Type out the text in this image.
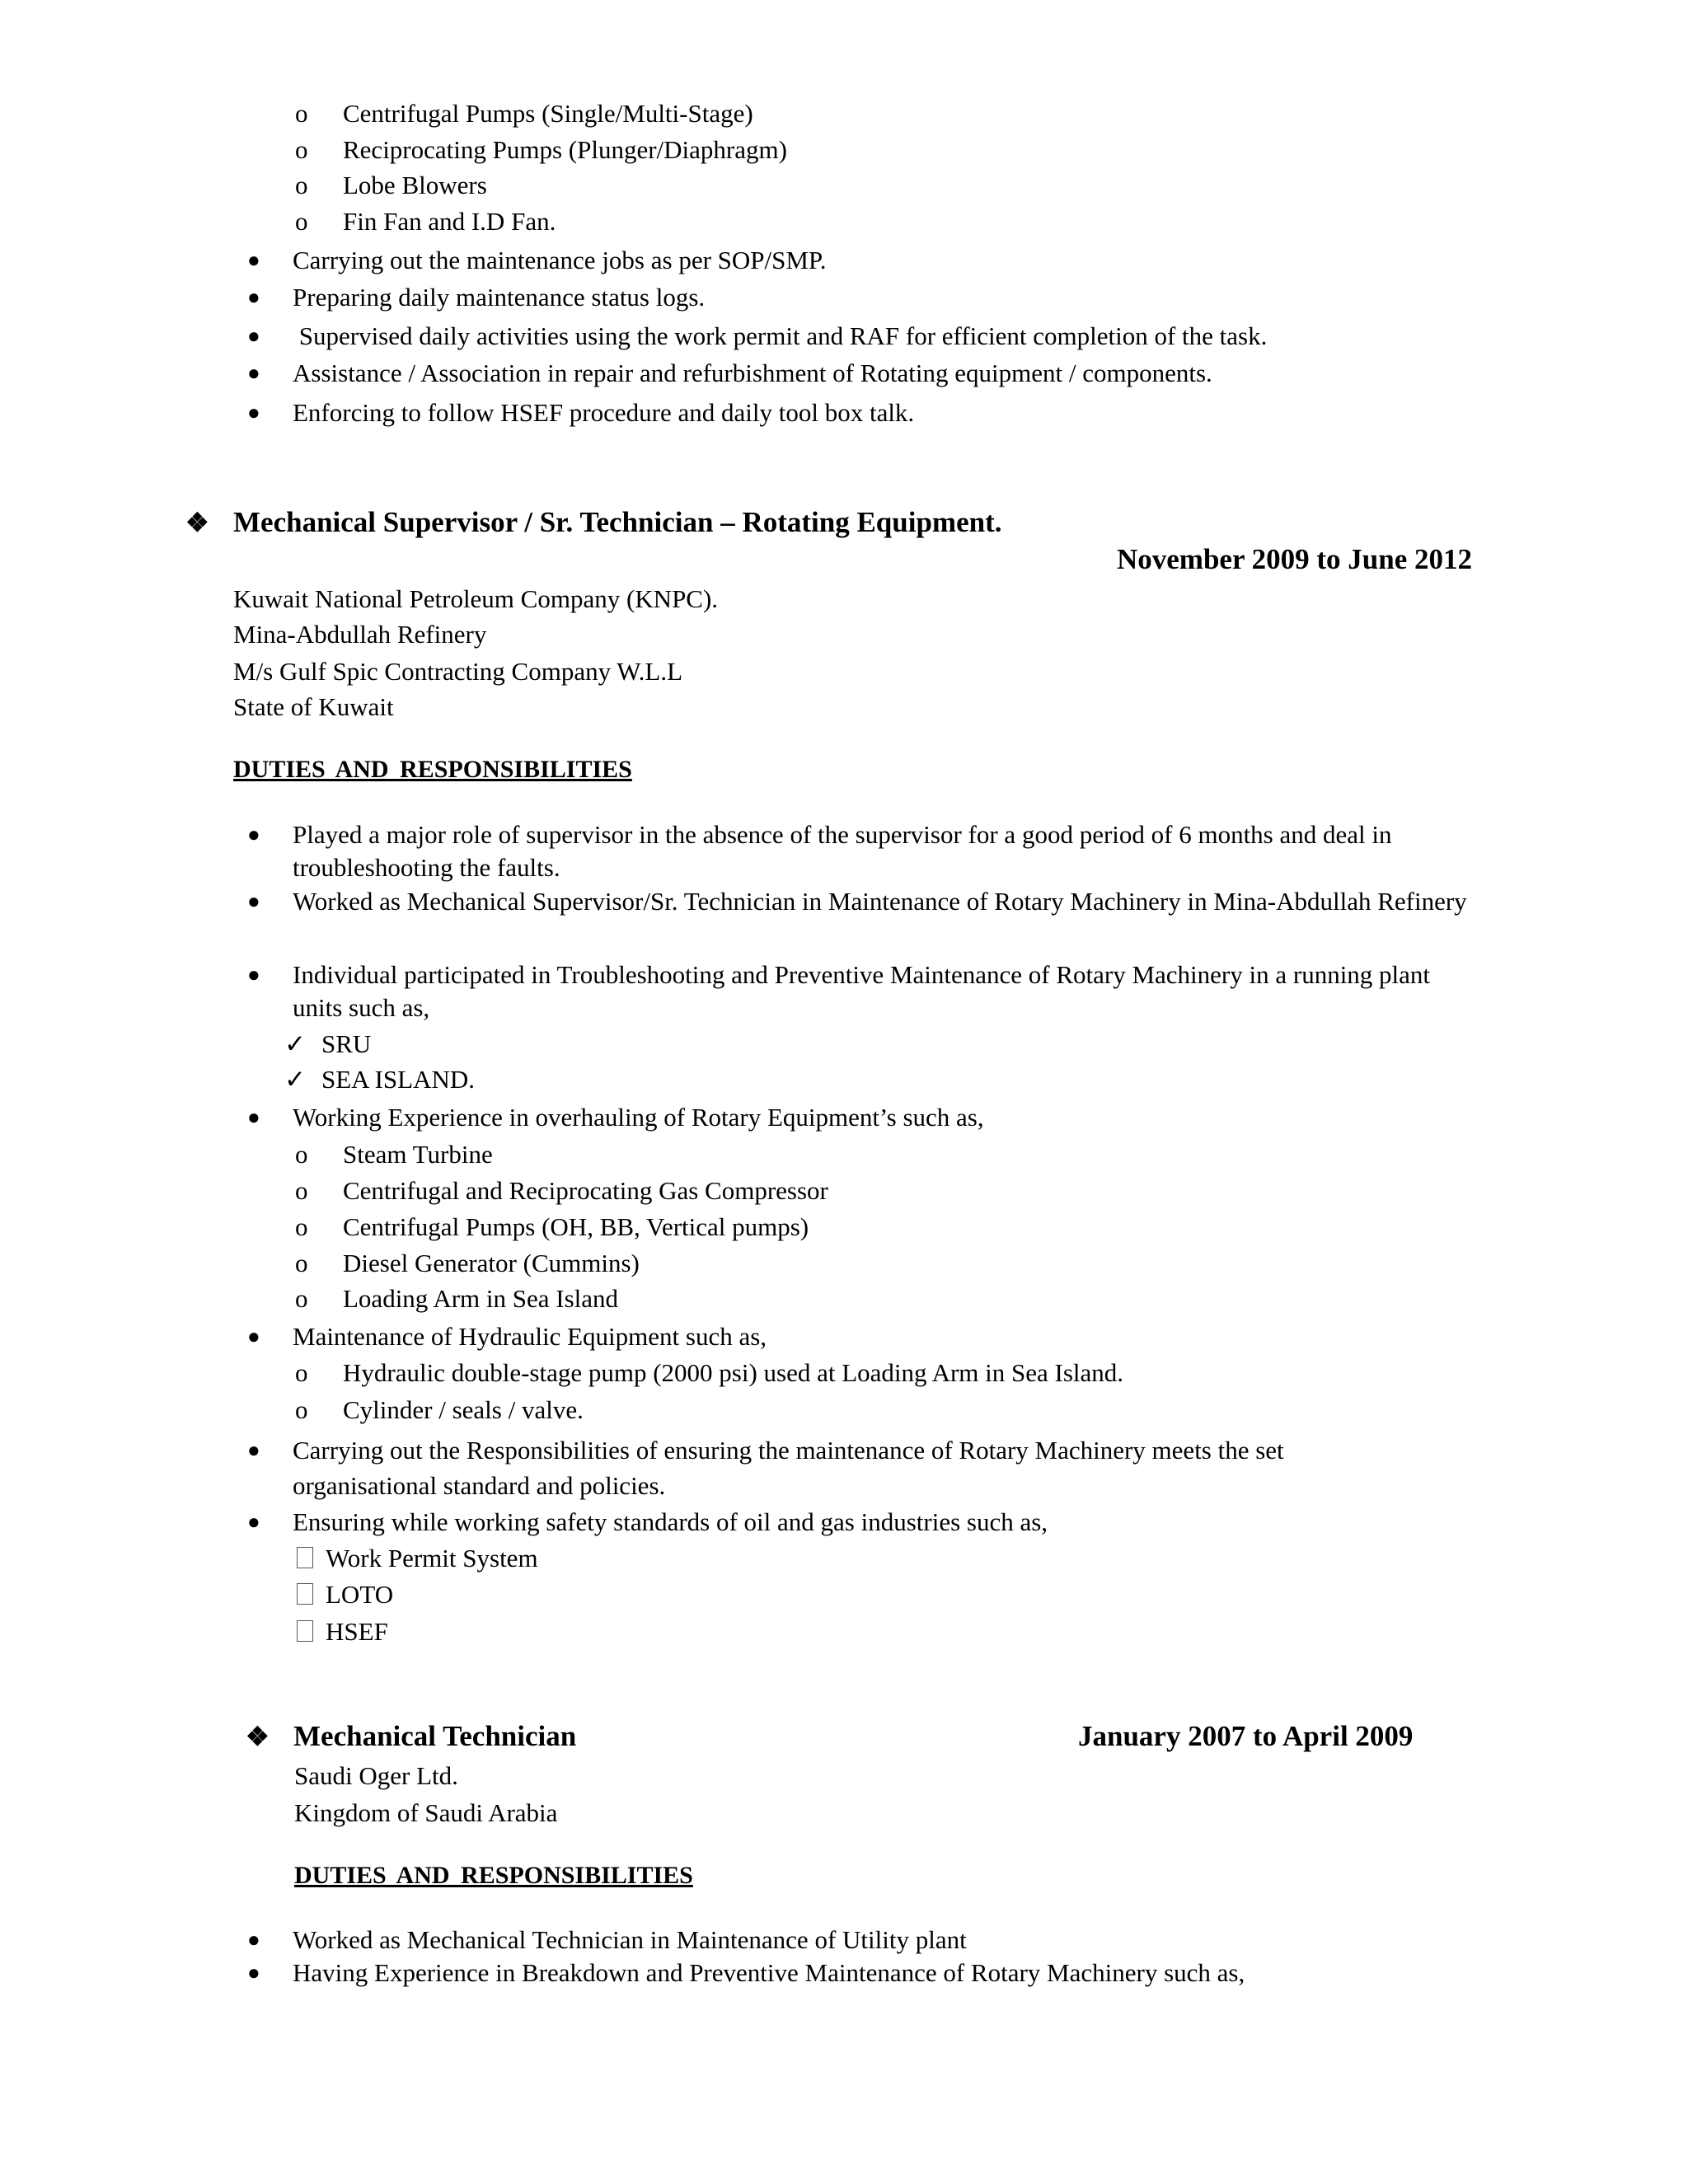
o Centrifugal Pumps (Single/Multi-Stage)
o Reciprocating Pumps (Plunger/Diaphragm)
o Lobe Blowers
o Fin Fan and I.D Fan.
● Carrying out the maintenance jobs as per SOP/SMP.
● Preparing daily maintenance status logs.
● Supervised daily activities using the work permit and RAF for efficient completion of the task.
● Assistance / Association in repair and refurbishment of Rotating equipment / components.
● Enforcing to follow HSEF procedure and daily tool box talk.
❖ Mechanical Supervisor / Sr. Technician – Rotating Equipment.
November 2009 to June 2012
Kuwait National Petroleum Company (KNPC).
Mina-Abdullah Refinery
M/s Gulf Spic Contracting Company W.L.L
State of Kuwait
DUTIES AND RESPONSIBILITIES
● Played a major role of supervisor in the absence of the supervisor for a good period of 6 months and deal in troubleshooting the faults.
● Worked as Mechanical Supervisor/Sr. Technician in Maintenance of Rotary Machinery in Mina-Abdullah Refinery
● Individual participated in Troubleshooting and Preventive Maintenance of Rotary Machinery in a running plant units such as,
✓ SRU
✓ SEA ISLAND.
● Working Experience in overhauling of Rotary Equipment’s such as,
o Steam Turbine
o Centrifugal and Reciprocating Gas Compressor
o Centrifugal Pumps (OH, BB, Vertical pumps)
o Diesel Generator (Cummins)
o Loading Arm in Sea Island
● Maintenance of Hydraulic Equipment such as,
o Hydraulic double-stage pump (2000 psi) used at Loading Arm in Sea Island.
o Cylinder / seals / valve.
● Carrying out the Responsibilities of ensuring the maintenance of Rotary Machinery meets the set organisational standard and policies.
● Ensuring while working safety standards of oil and gas industries such as,
Work Permit System
LOTO
HSEF
❖ Mechanical Technician	January 2007 to April 2009
Saudi Oger Ltd.
Kingdom of Saudi Arabia
DUTIES AND RESPONSIBILITIES
● Worked as Mechanical Technician in Maintenance of Utility plant
● Having Experience in Breakdown and Preventive Maintenance of Rotary Machinery such as,
